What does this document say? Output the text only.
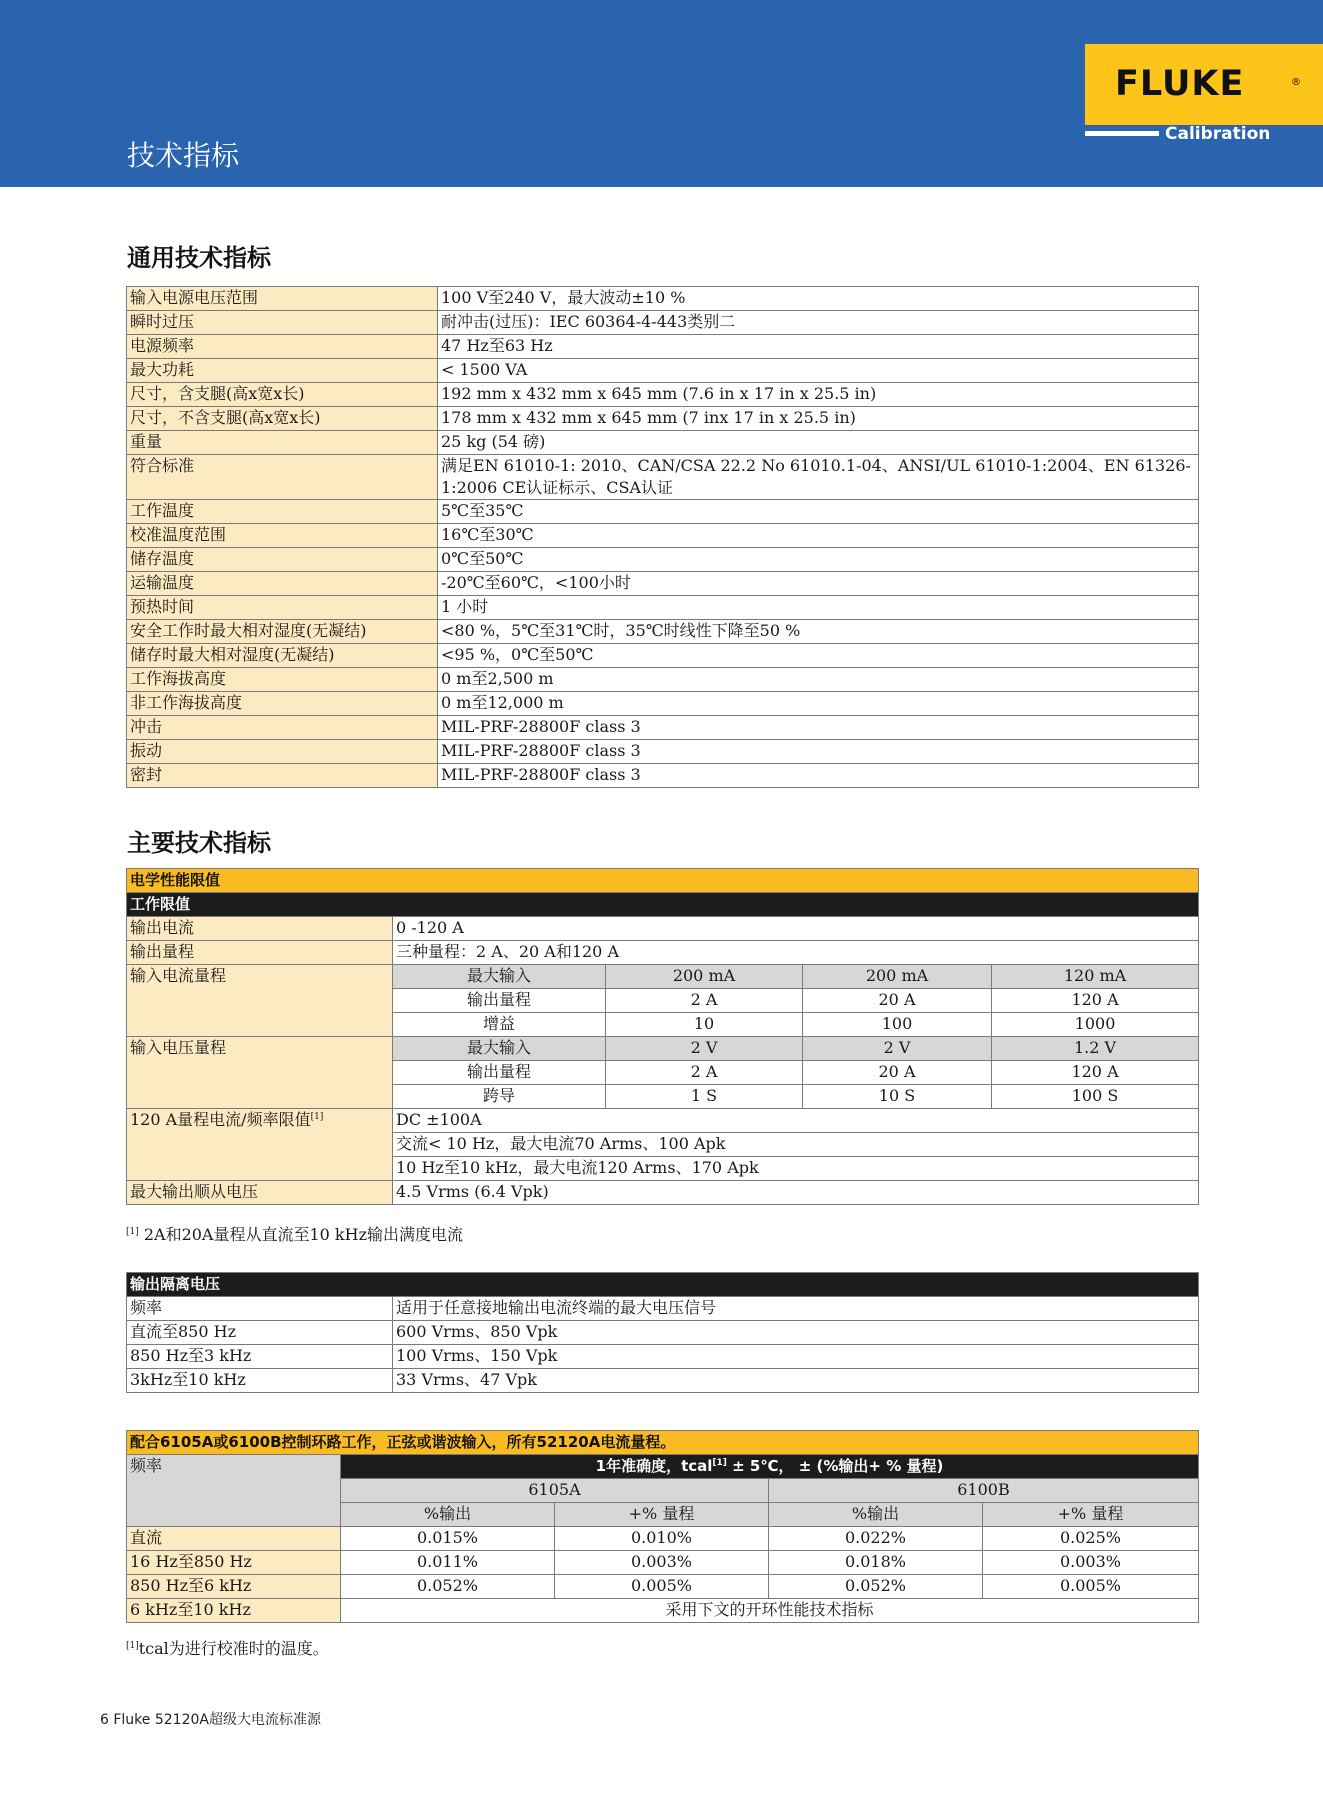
技术指标
FLUKE	®
Calibration
通用技术指标
输入电源电压范围	100 V至240 V，最大波动±10 %
瞬时过压	耐冲击(过压)：IEC 60364-4-443类别二
电源频率	47 Hz至63 Hz
最大功耗	< 1500 VA
尺寸，含支腿(高x宽x长)	192 mm x 432 mm x 645 mm (7.6 in x 17 in x 25.5 in)
尺寸，不含支腿(高x宽x长)	178 mm x 432 mm x 645 mm (7 inx 17 in x 25.5 in)
重量	25 kg (54 磅)
符合标准	满足EN 61010-1: 2010、CAN/CSA 22.2 No 61010.1-04、ANSI/UL 61010-1:2004、EN 61326-1:2006 CE认证标示、CSA认证
工作温度	5℃至35℃
校准温度范围	16℃至30℃
储存温度	0℃至50℃
运输温度	-20℃至60℃，<100小时
预热时间	1 小时
安全工作时最大相对湿度(无凝结)	<80 %，5℃至31℃时，35℃时线性下降至50 %
储存时最大相对湿度(无凝结)	<95 %，0℃至50℃
工作海拔高度	0 m至2,500 m
非工作海拔高度	0 m至12,000 m
冲击	MIL-PRF-28800F class 3
振动	MIL-PRF-28800F class 3
密封	MIL-PRF-28800F class 3
主要技术指标
电学性能限值				
工作限值				
输出电流	0 -120 A			
输出量程	三种量程：2 A、20 A和120 A			
输入电流量程	最大输入	200 mA	200 mA	120 mA
	输出量程	2 A	20 A	120 A
	增益	10	100	1000
输入电压量程	最大输入	2 V	2 V	1.2 V
	输出量程	2 A	20 A	120 A
	跨导	1 S	10 S	100 S
120 A量程电流/频率限值[1]	DC ±100A			
	交流< 10 Hz，最大电流70 Arms、100 Apk			
	10 Hz至10 kHz，最大电流120 Arms、170 Apk			
最大输出顺从电压	4.5 Vrms (6.4 Vpk)			
[1] 2A和20A量程从直流至10 kHz输出满度电流
输出隔离电压	
频率	适用于任意接地输出电流终端的最大电压信号
直流至850 Hz	600 Vrms、850 Vpk
850 Hz至3 kHz	100 Vrms、150 Vpk
3kHz至10 kHz	33 Vrms、47 Vpk
配合6105A或6100B控制环路工作，正弦或谐波输入，所有52120A电流量程。				
频率	1年准确度，tcal[1] ± 5℃， ± (%输出+ % 量程)			
	6105A		6100B	
	%输出	+% 量程	%输出	+% 量程
直流	0.015%	0.010%	0.022%	0.025%
16 Hz至850 Hz	0.011%	0.003%	0.018%	0.003%
850 Hz至6 kHz	0.052%	0.005%	0.052%	0.005%
6 kHz至10 kHz	采用下文的开环性能技术指标			
[1]tcal为进行校准时的温度。
6 Fluke 52120A超级大电流标准源
